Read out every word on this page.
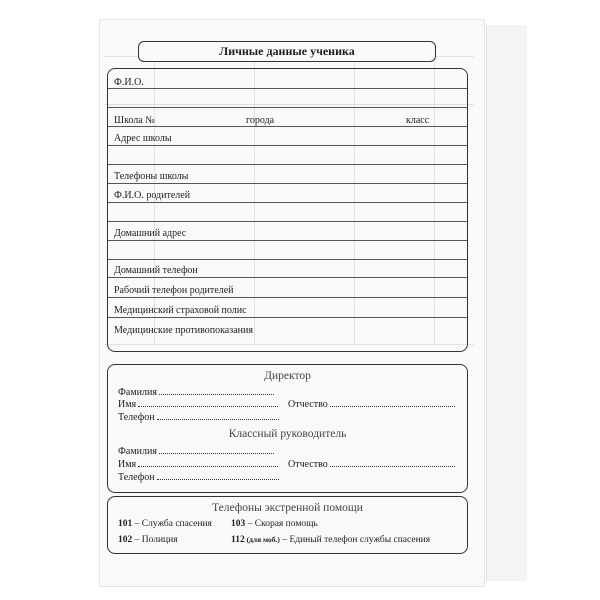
Личные данные ученика
Ф.И.О.
Школа №	города	класс
Адрес школы
Телефоны школы
Ф.И.О. родителей
Домашний адрес
Домашний телефон
Рабочий телефон родителей
Медицинский страховой полис
Медицинские противопоказания
Директор
Фамилия
Имя	Отчество
Телефон
Классный руководитель
Фамилия
Имя	Отчество
Телефон
Телефоны экстренной помощи
101 – Служба спасения 103 – Скорая помощь
102 – Полиция	112 (для моб.) – Единый телефон службы спасения
